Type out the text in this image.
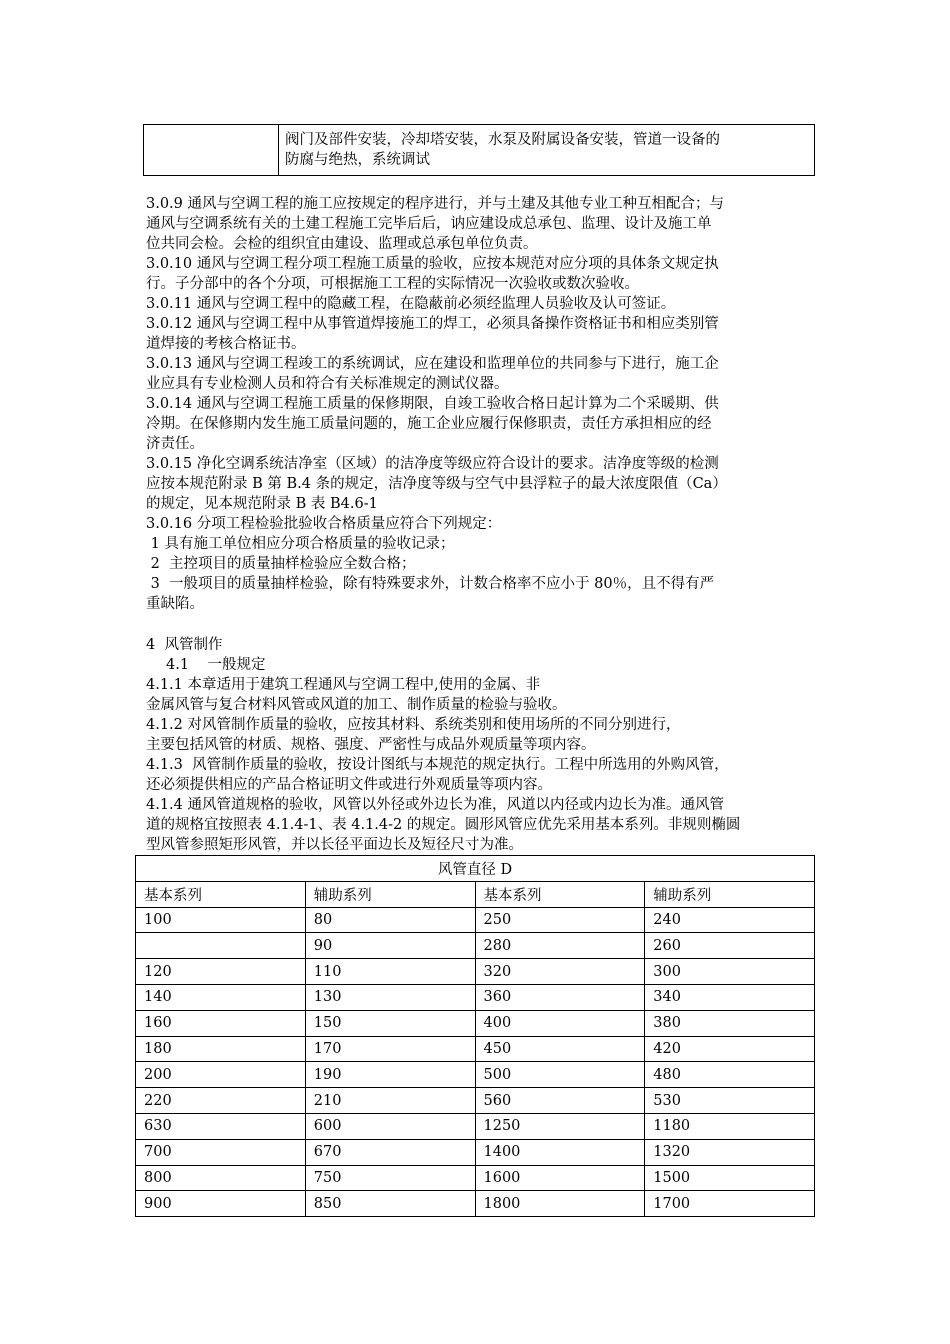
阀门及部件安装，冷却塔安装，水泵及附属设备安装，管道一设备的
防腐与绝热，系统调试
3.0.9 通风与空调工程的施工应按规定的程序进行，并与土建及其他专业工种互相配合；与
通风与空调系统有关的土建工程施工完毕后后，讷应建设成总承包、监理、设计及施工单
位共同会检。会检的组织宜由建设、监理或总承包单位负责。
3.0.10 通风与空调工程分项工程施工质量的验收，应按本规范对应分项的具体条文规定执
行。子分部中的各个分项，可根据施工工程的实际情况一次验收或数次验收。
3.0.11 通风与空调工程中的隐藏工程，在隐蔽前必须经监理人员验收及认可签证。
3.0.12 通风与空调工程中从事管道焊接施工的焊工，必须具备操作资格证书和相应类别管
道焊接的考核合格证书。
3.0.13 通风与空调工程竣工的系统调试，应在建设和监理单位的共同参与下进行，施工企
业应具有专业检测人员和符合有关标准规定的测试仪器。
3.0.14 通风与空调工程施工质量的保修期限，自竣工验收合格日起计算为二个采暖期、供
冷期。在保修期内发生施工质量问题的，施工企业应履行保修职责，责任方承担相应的经
济责任。
3.0.15 净化空调系统洁净室（区域）的洁净度等级应符合设计的要求。洁净度等级的检测
应按本规范附录 B 第 B.4 条的规定，洁净度等级与空气中县浮粒子的最大浓度限值（Ca）
的规定，见本规范附录 B 表 B4.6-1
3.0.16 分项工程检验批验收合格质量应符合下列规定：
1 具有施工单位相应分项合格质量的验收记录；
2  主控项目的质量抽样检验应全数合格；
3  一般项目的质量抽样检验，除有特殊要求外，计数合格率不应小于 80％，且不得有严
重缺陷。
4  风管制作
4.1    一般规定
4.1.1 本章适用于建筑工程通风与空调工程中,使用的金属、非
金属风管与复合材料风管或风道的加工、制作质量的检验与验收。
4.1.2 对风管制作质量的验收，应按其材料、系统类别和使用场所的不同分别进行，
主要包括风管的材质、规格、强度、严密性与成品外观质量等项内容。
4.1.3  风管制作质量的验收，按设计图纸与本规范的规定执行。工程中所选用的外购风管，
还必须提供相应的产品合格证明文件或进行外观质量等项内容。
4.1.4 通风管道规格的验收，风管以外径或外边长为准，风道以内径或内边长为准。通风管
道的规格宜按照表 4.1.4-1、表 4.1.4-2 的规定。圆形风管应优先采用基本系列。非规则椭圆
型风管参照矩形风管，并以长径平面边长及短径尺寸为准。
风管直径 D			
基本系列	辅助系列	基本系列	辅助系列
100	80	250	240
	90	280	260
120	110	320	300
140	130	360	340
160	150	400	380
180	170	450	420
200	190	500	480
220	210	560	530
630	600	1250	1180
700	670	1400	1320
800	750	1600	1500
900	850	1800	1700
